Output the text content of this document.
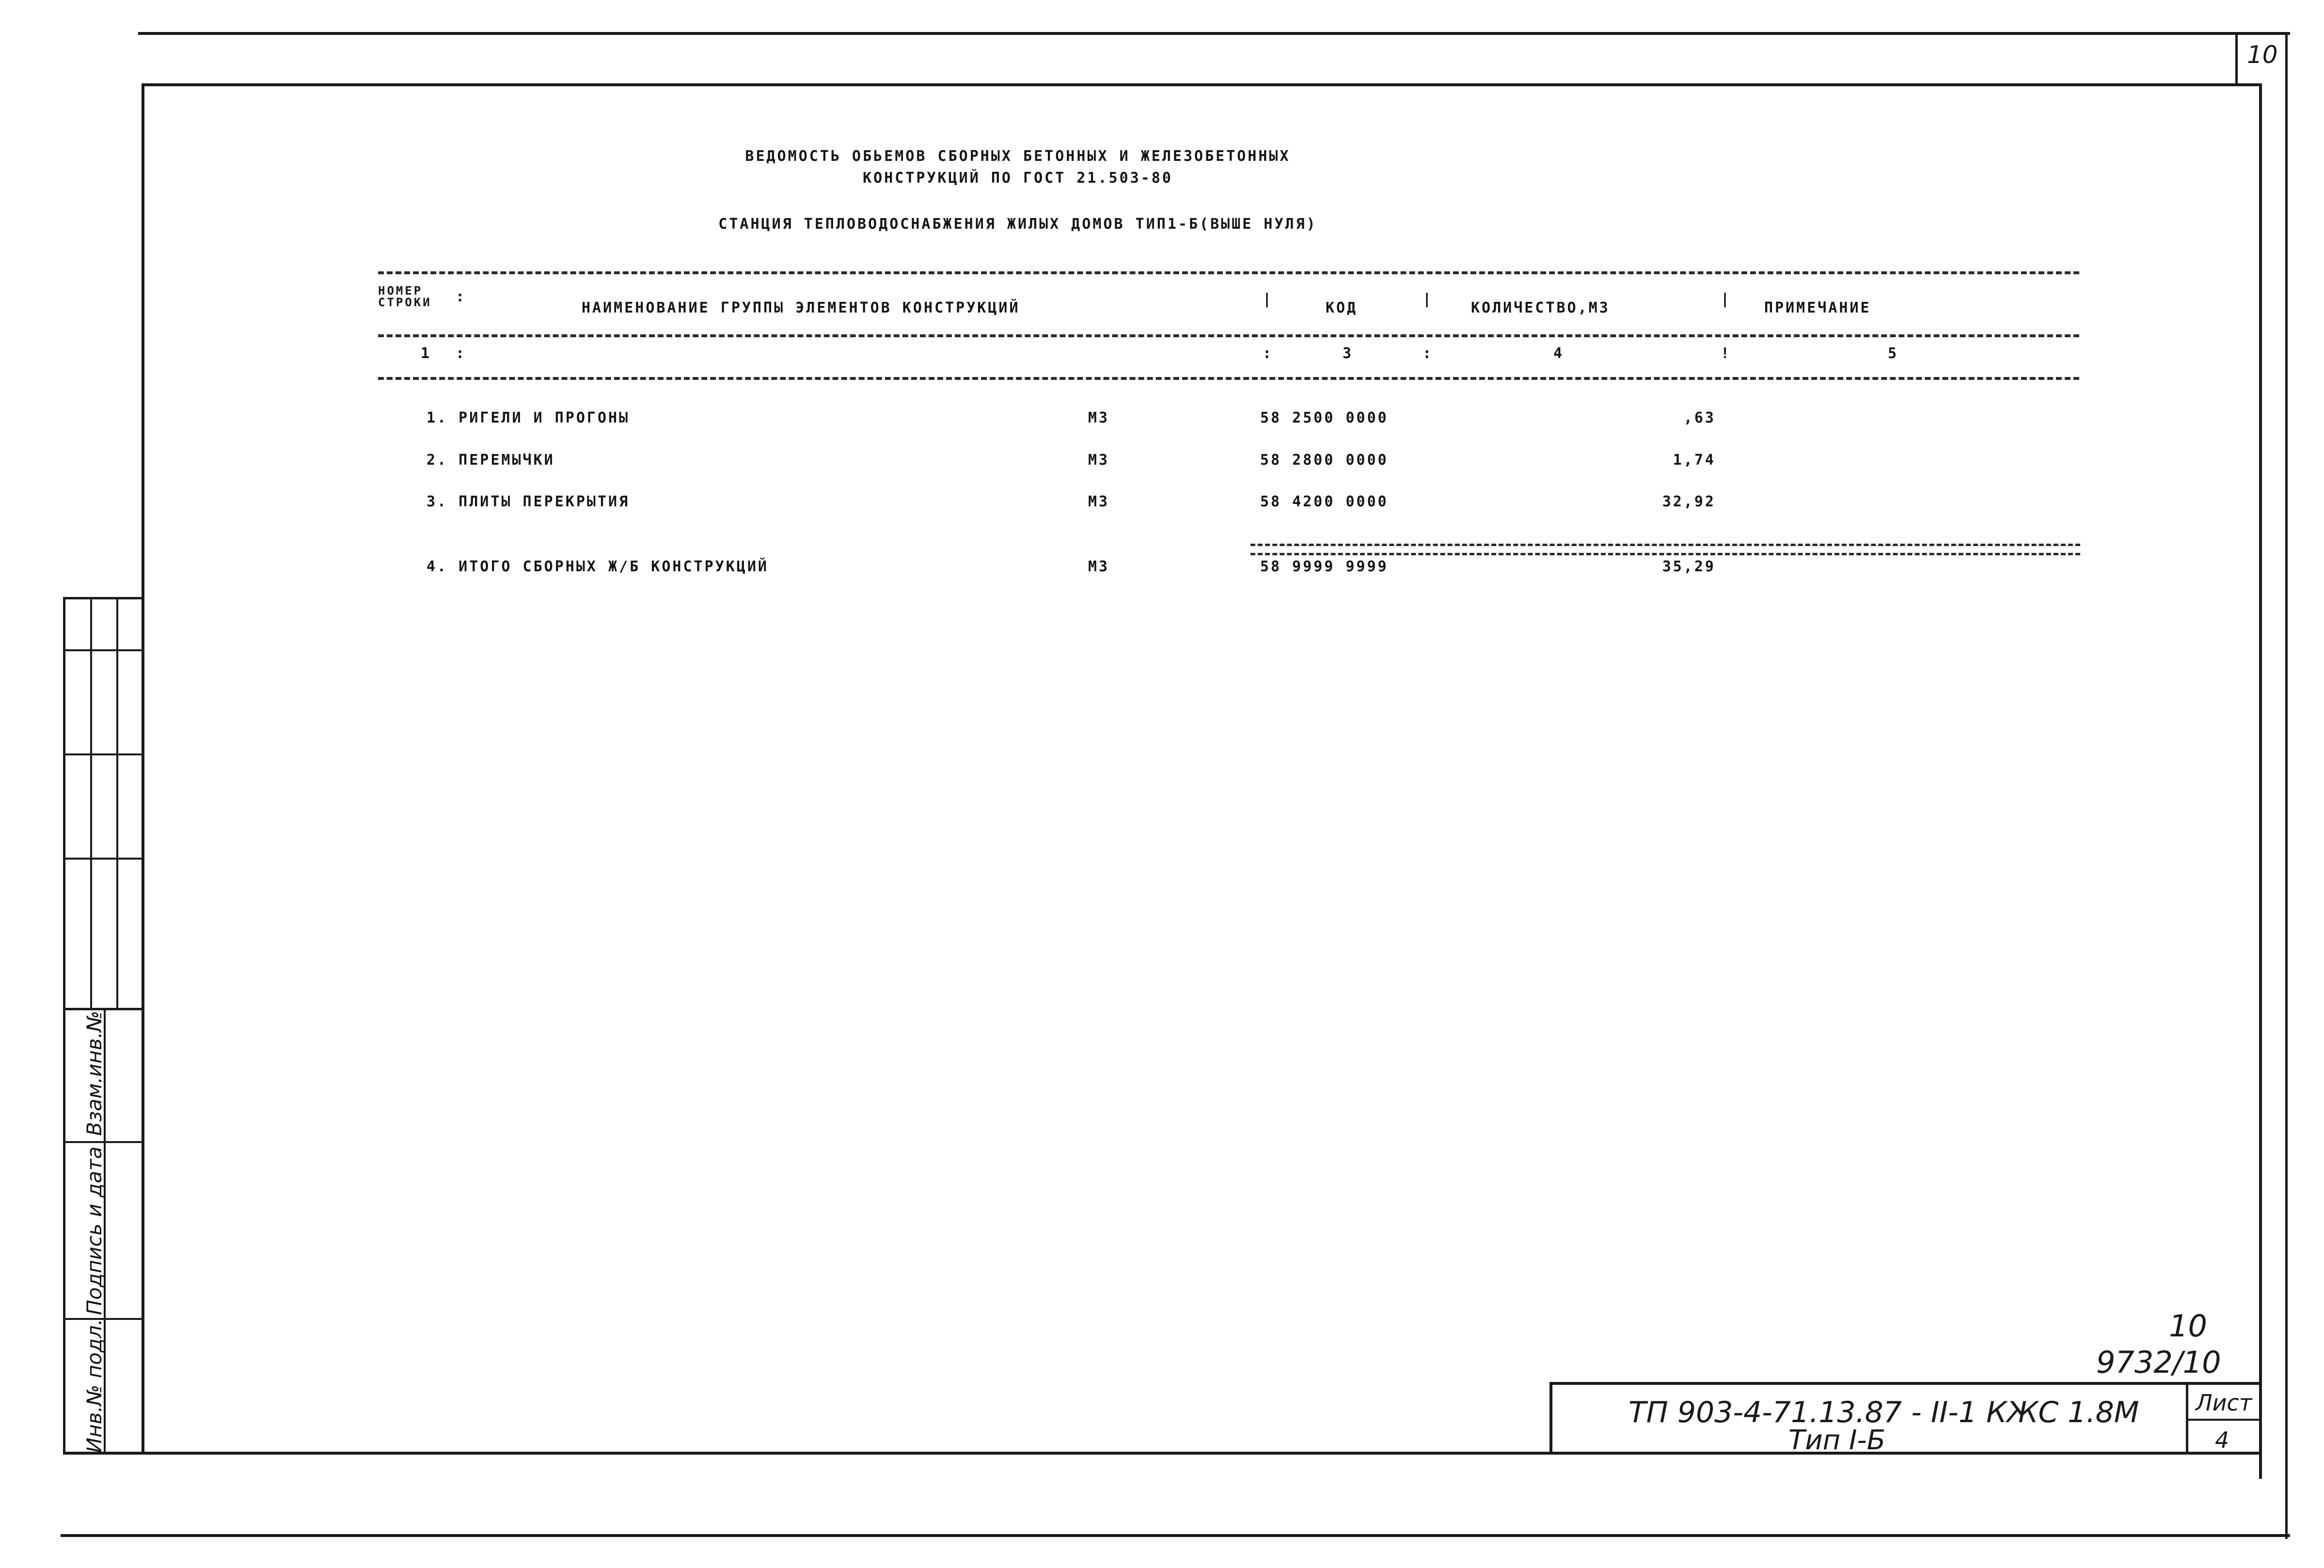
10
Взам.инв.№
Подпись и дата
Инв.№ подл.
ВЕДОМОСТЬ ОБЬЕМОВ СБОРНЫХ БЕТОННЫХ И ЖЕЛЕЗОБЕТОННЫХ
КОНСТРУКЦИЙ ПО ГОСТ 21.503-80
СТАНЦИЯ ТЕПЛОВОДОСНАБЖЕНИЯ ЖИЛЫХ ДОМОВ ТИП1-Б(ВЫШЕ НУЛЯ)
НОМЕР СТРОКИ	НАИМЕНОВАНИЕ ГРУППЫ ЭЛЕМЕНТОВ КОНСТРУКЦИЙ	КОД	КОЛИЧЕСТВО,М3	ПРИМЕЧАНИЕ
:	|	|	|
1 :	:	3	:	4	!	5
1. РИГЕЛИ И ПРОГОНЫ	М3	58 2500 0000	,63
2. ПЕРЕМЫЧКИ	М3	58 2800 0000	1,74
3. ПЛИТЫ ПЕРЕКРЫТИЯ	М3	58 4200 0000	32,92
4. ИТОГО СБОРНЫХ Ж/Б КОНСТРУКЦИЙ	М3	58 9999 9999	35,29
10
9732/10
ТП 903-4-71.13.87 - II-1 КЖС 1.8М
Тип I-Б
Лист
4
